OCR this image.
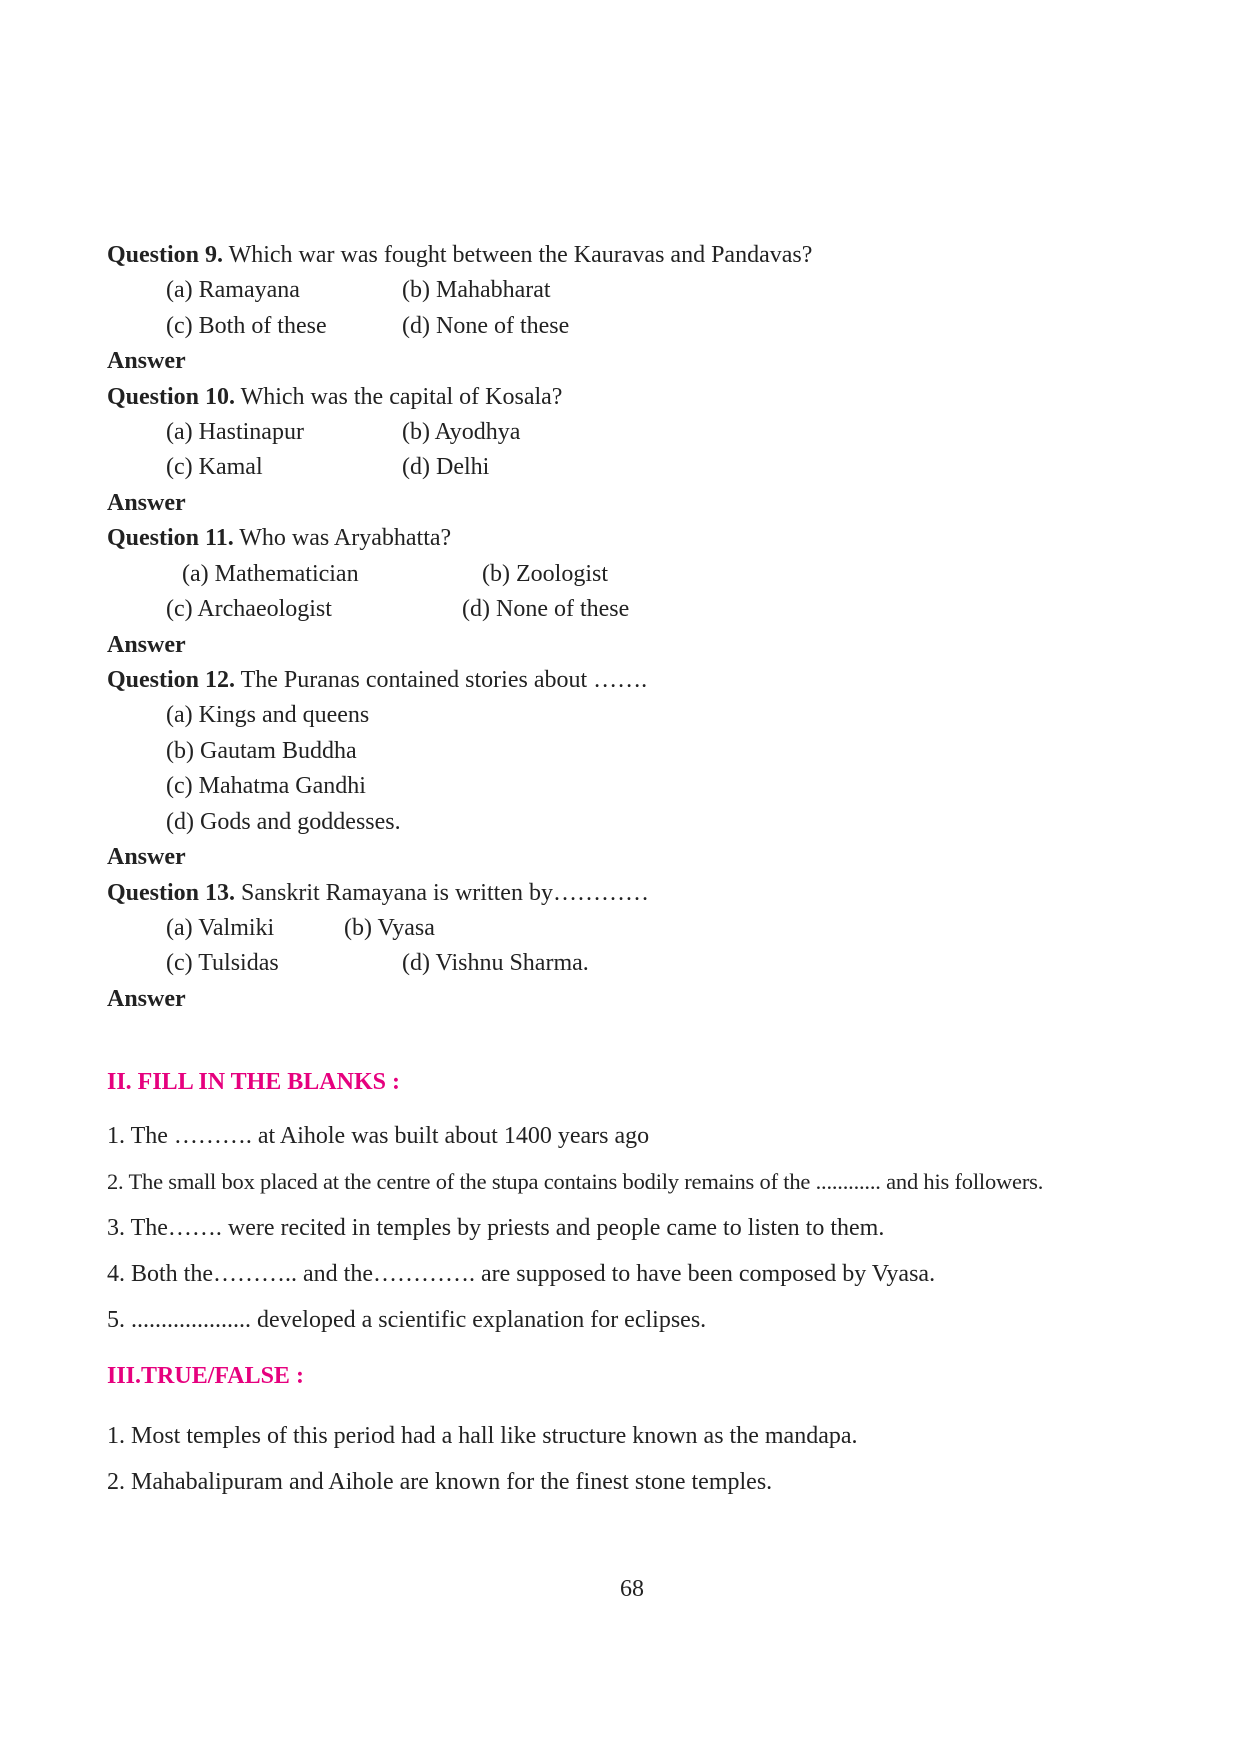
Question 9. Which war was fought between the Kauravas and Pandavas?
(a) Ramayana	(b) Mahabharat
(c) Both of these	(d) None of these
Answer
Question 10. Which was the capital of Kosala?
(a) Hastinapur	(b) Ayodhya
(c) Kamal	(d) Delhi
Answer
Question 11. Who was Aryabhatta?
(a) Mathematician	(b) Zoologist
(c) Archaeologist	(d) None of these
Answer
Question 12. The Puranas contained stories about …….
(a) Kings and queens
(b) Gautam Buddha
(c) Mahatma Gandhi
(d) Gods and goddesses.
Answer
Question 13. Sanskrit Ramayana is written by…………
(a) Valmiki	(b) Vyasa
(c) Tulsidas	(d) Vishnu Sharma.
Answer
II. FILL IN THE BLANKS :
1. The ………. at Aihole was built about 1400 years ago
2. The small box placed at the centre of the stupa contains bodily remains of the ............ and his followers.
3. The……. were recited in temples by priests and people came to listen to them.
4. Both the……….. and the…………. are supposed to have been composed by Vyasa.
5. .................... developed a scientific explanation for eclipses.
III.TRUE/FALSE :
1. Most temples of this period had a hall like structure known as the mandapa.
2. Mahabalipuram and Aihole are known for the finest stone temples.
68
